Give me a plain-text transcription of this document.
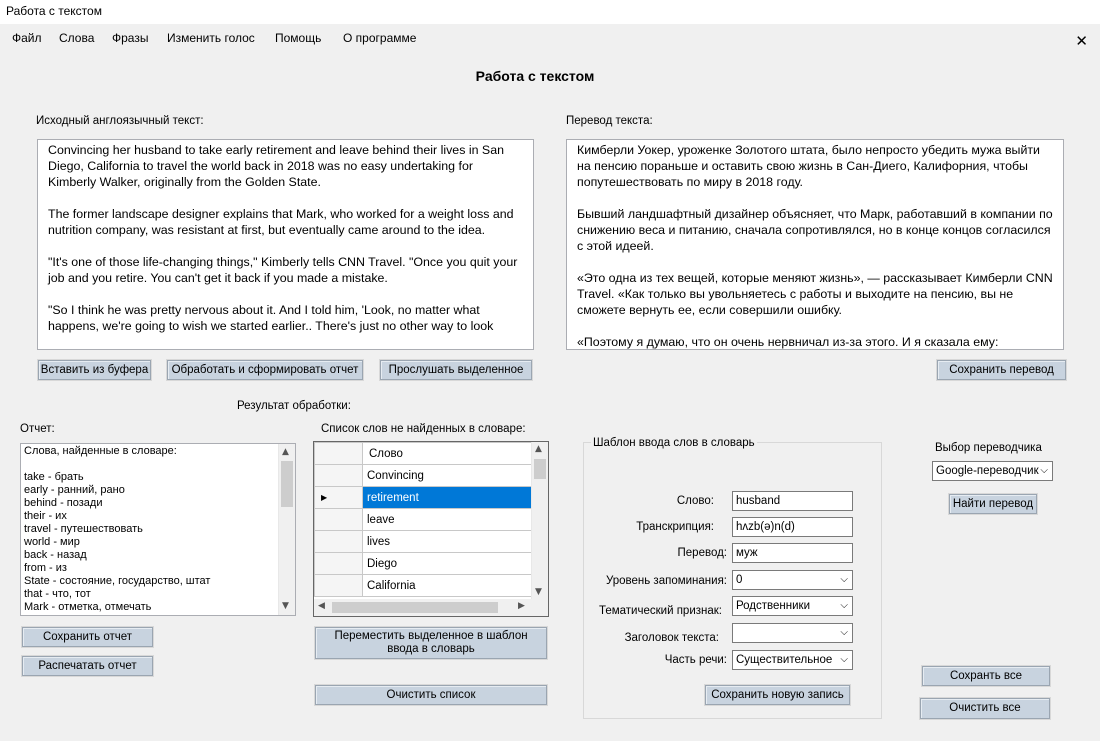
Работа с текстом
Файл Слова Фразы Изменить голос Помощь О программе	✕
Работа с текстом
Исходный англоязычный текст:

Convincing her husband to take early retirement and leave behind their lives in San Diego, California to travel the world back in 2018 was no easy undertaking for Kimberly Walker, originally from the Golden State.

The former landscape designer explains that Mark, who worked for a weight loss and nutrition company, was resistant at first, but eventually came around to the idea.

"It's one of those life-changing things," Kimberly tells CNN Travel. "Once you quit your job and you retire. You can't get it back if you made a mistake.

"So I think he was pretty nervous about it. And I told him, 'Look, no matter what happens, we're going to wish we started earlier.. There's just no other way to look

Перевод текста:

Кимберли Уокер, уроженке Золотого штата, было непросто убедить мужа выйти на пенсию пораньше и оставить свою жизнь в Сан-Диего, Калифорния, чтобы попутешествовать по миру в 2018 году.

Бывший ландшафтный дизайнер объясняет, что Марк, работавший в компании по снижению веса и питанию, сначала сопротивлялся, но в конце концов согласился с этой идеей.

«Это одна из тех вещей, которые меняют жизнь», — рассказывает Кимберли CNN Travel. «Как только вы увольняетесь с работы и выходите на пенсию, вы не сможете вернуть ее, если совершили ошибку.

«Поэтому я думаю, что он очень нервничал из-за этого. И я сказала ему:

Вставить из буфера	Обработать и сформировать отчет	Прослушать выделенное	Сохранить перевод
Результат обработки:
Отчет:
Слова, найденные в словаре:
take - брать
early - ранний, рано
behind - позади
their - их
travel - путешествовать
world - мир
back - назад
from - из
State - состояние, государство, штат
that - что, тот
Mark - отметка, отмечать
▲
▼
Сохранить отчет
Распечатать отчет
Список слов не найденных в словаре:
	Слово
	Convincing
▶	retirement
	leave
	lives
	Diego
	California
▲
▼
◀	▶
Переместить выделенное в шаблон ввода в словарь
Очистить список
Шаблон ввода слов в словарь
Слово:	husband
Транскрипция:	hʌzb(ə)n(d)
Перевод: муж
Уровень запоминания: 0	⌵
Тематический признак:	Родственники	⌵
Заголовок текста:	⌵
Часть речи: Существительное ⌵
Сохранить новую запись
Выбор переводчика
Google-переводчик ⌵
Найти перевод
Сохранть все
Очистить все
